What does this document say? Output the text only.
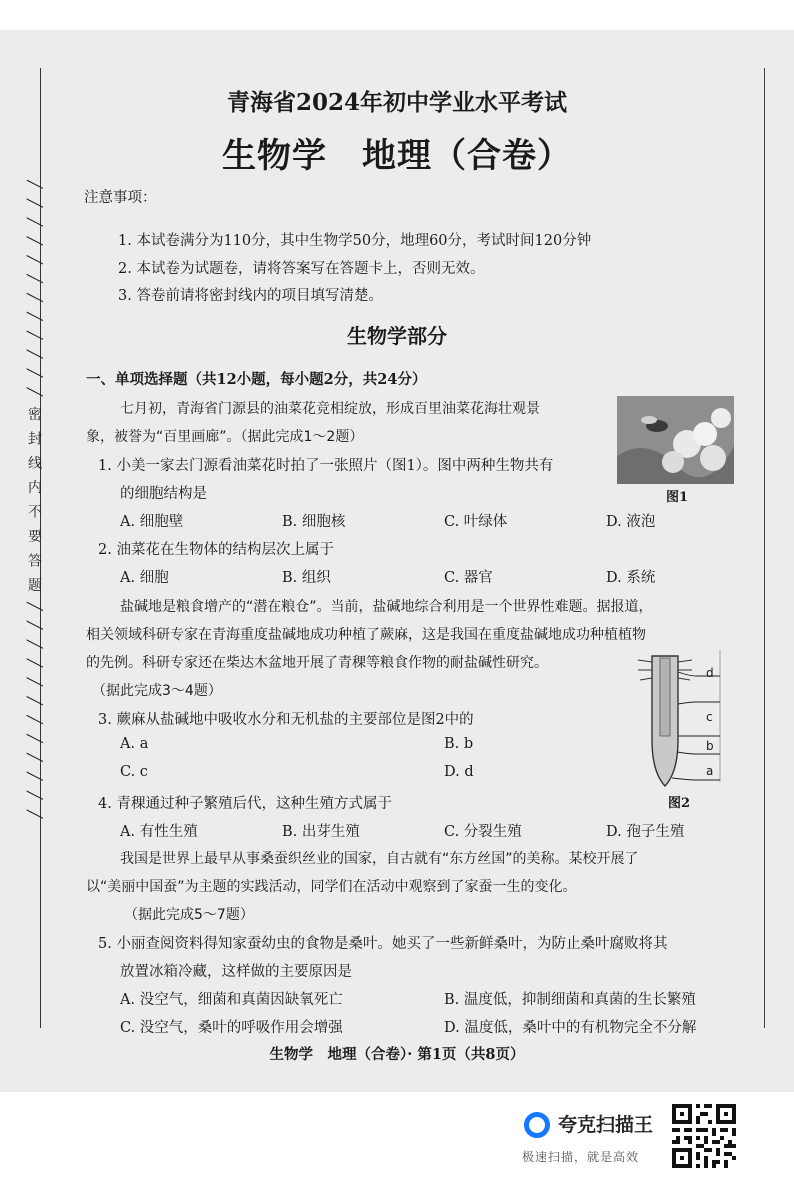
╱ ╱ ╱ ╱ ╱ ╱ ╱ ╱ ╱ ╱ ╱ ╱ 密 封 线 内 不 要 答 题 ╱ ╱ ╱ ╱ ╱ ╱ ╱ ╱ ╱ ╱ ╱ ╱
青海省2024年初中学业水平考试
生物学　地理（合卷）
注意事项：
1. 本试卷满分为110分，其中生物学50分，地理60分，考试时间120分钟
2. 本试卷为试题卷，请将答案写在答题卡上，否则无效。
3. 答卷前请将密封线内的项目填写清楚。
生物学部分
一、单项选择题（共12小题，每小题2分，共24分）
七月初，青海省门源县的油菜花竞相绽放，形成百里油菜花海壮观景
象，被誉为“百里画廊”。（据此完成1～2题）
图1
1. 小美一家去门源看油菜花时拍了一张照片（图1）。图中两种生物共有
的细胞结构是
A. 细胞壁	B. 细胞核	C. 叶绿体	D. 液泡
2. 油菜花在生物体的结构层次上属于
A. 细胞	B. 组织	C. 器官	D. 系统
盐碱地是粮食增产的“潜在粮仓”。当前，盐碱地综合利用是一个世界性难题。据报道，
相关领域科研专家在青海重度盐碱地成功种植了蕨麻，这是我国在重度盐碱地成功种植植物
的先例。科研专家还在柴达木盆地开展了青稞等粮食作物的耐盐碱性研究。
（据此完成3～4题）
d
c
b
a
图2
3. 蕨麻从盐碱地中吸收水分和无机盐的主要部位是图2中的
A. a	B. b
C. c	D. d
4. 青稞通过种子繁殖后代，这种生殖方式属于
A. 有性生殖	B. 出芽生殖	C. 分裂生殖	D. 孢子生殖
我国是世界上最早从事桑蚕织丝业的国家，自古就有“东方丝国”的美称。某校开展了
以“美丽中国蚕”为主题的实践活动，同学们在活动中观察到了家蚕一生的变化。
（据此完成5～7题）
5. 小丽查阅资料得知家蚕幼虫的食物是桑叶。她买了一些新鲜桑叶，为防止桑叶腐败将其
放置冰箱冷藏，这样做的主要原因是
A. 没空气，细菌和真菌因缺氧死亡	B. 温度低，抑制细菌和真菌的生长繁殖
C. 没空气，桑叶的呼吸作用会增强	D. 温度低，桑叶中的有机物完全不分解
生物学　地理（合卷）· 第1页（共8页）
夸克扫描王
极速扫描，就是高效
